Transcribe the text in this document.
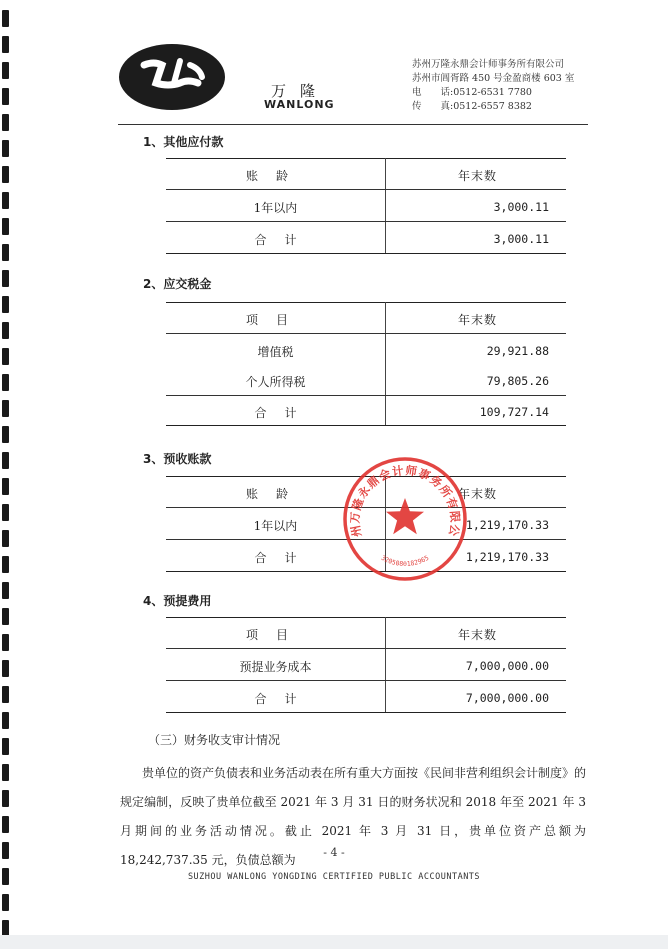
万隆
WANLONG
苏州万隆永鼎会计师事务所有限公司
苏州市阊胥路 450 号金盈商楼 603 室
电　　话:0512-6531 7780
传　　真:0512-6557 8382
1、其他应付款
账龄	年末数
1年以内	3,000.11
合计	3,000.11
2、应交税金
项目	年末数
增值税	29,921.88
个人所得税	79,805.26
合计	109,727.14
3、预收账款
账龄	年末数
1年以内	1,219,170.33
合计	1,219,170.33
4、预提费用
项目	年末数
预提业务成本	7,000,000.00
合计	7,000,000.00
州万隆永鼎会计师事务所有限公
3205080182965
（三）财务收支审计情况
贵单位的资产负债表和业务活动表在所有重大方面按《民间非营利组织会计制度》的规定编制，反映了贵单位截至 2021 年 3 月 31 日的财务状况和 2018 年至 2021 年 3 月期间的业务活动情况。截止 2021 年 3 月 31 日，贵单位资产总额为 18,242,737.35 元，负债总额为
- 4 -
SUZHOU WANLONG YONGDING CERTIFIED PUBLIC ACCOUNTANTS
